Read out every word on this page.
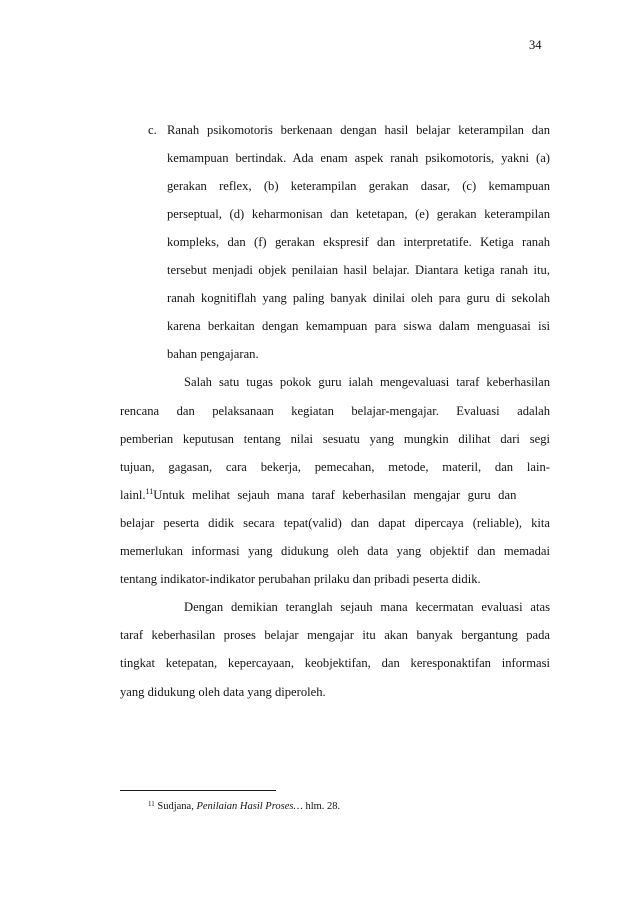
34
c. Ranah psikomotoris berkenaan dengan hasil belajar keterampilan dan
kemampuan bertindak. Ada enam aspek ranah psikomotoris, yakni (a)
gerakan reflex, (b) keterampilan gerakan dasar, (c) kemampuan
perseptual, (d) keharmonisan dan ketetapan, (e) gerakan keterampilan
kompleks, dan (f) gerakan ekspresif dan interpretatife. Ketiga ranah
tersebut menjadi objek penilaian hasil belajar. Diantara ketiga ranah itu,
ranah kognitiflah yang paling banyak dinilai oleh para guru di sekolah
karena berkaitan dengan kemampuan para siswa dalam menguasai isi
bahan pengajaran.
Salah satu tugas pokok guru ialah mengevaluasi taraf keberhasilan
rencana dan pelaksanaan kegiatan belajar-mengajar. Evaluasi adalah
pemberian keputusan tentang nilai sesuatu yang mungkin dilihat dari segi
tujuan, gagasan, cara bekerja, pemecahan, metode, materil, dan lain-
lainl.$^{11}$Untuk melihat sejauh mana taraf keberhasilan mengajar guru dan
belajar peserta didik secara tepat(valid) dan dapat dipercaya (reliable), kita
memerlukan informasi yang didukung oleh data yang objektif dan memadai
tentang indikator-indikator perubahan prilaku dan pribadi peserta didik.
Dengan demikian teranglah sejauh mana kecermatan evaluasi atas
taraf keberhasilan proses belajar mengajar itu akan banyak bergantung pada
tingkat ketepatan, kepercayaan, keobjektifan, dan keresponaktifan informasi
yang didukung oleh data yang diperoleh.
$^{11}$ Sudjana, Penilaian Hasil Proses… hlm. 28.
